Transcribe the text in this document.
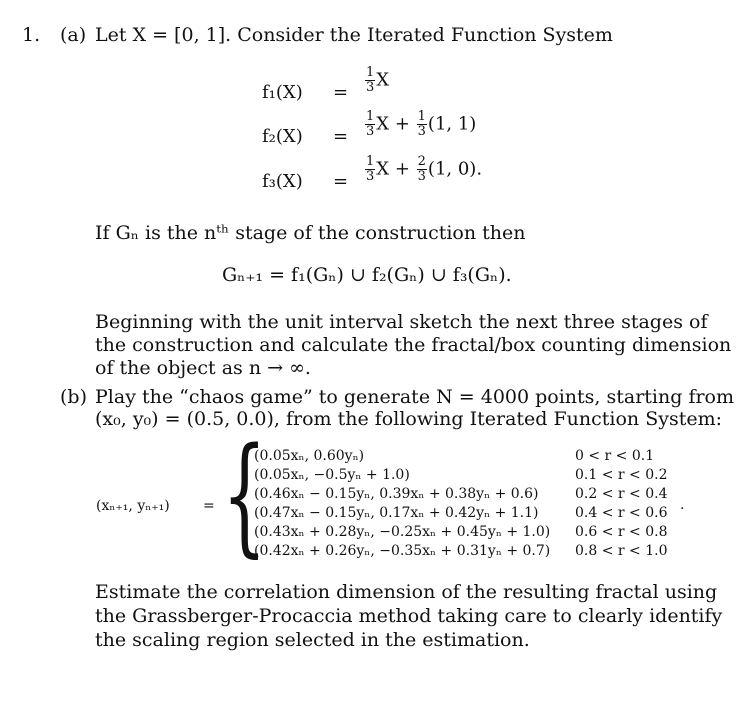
1. (a) Let X = [0, 1]. Consider the Iterated Function System
$f_1(X) = \frac{1}{3}$ X
$f_2(X) = \frac{1}{3}$ $X + \frac{1}{3} (1$, 1)
$f_3(X) = \frac{1}{3}$ $X + \frac{2}{3} (1$, 0).
If Gₙ is the nᵗʰ stage of the construction then
Gₙ₊₁ = f₁(Gₙ) ∪ f₂(Gₙ) ∪ f₃(Gₙ).
Beginning with the unit interval sketch the next three stages of
the construction and calculate the fractal/box counting dimension
of the object as n → ∞.
(b) Play the “chaos game” to generate N = 4000 points, starting from
(x₀, y₀) = (0.5, 0.0), from the following Iterated Function System:
(xₙ₊₁, yₙ₊₁) = {
(0.05xₙ, 0.60yₙ)	0 < r < 0.1
(0.05xₙ, −0.5yₙ + 1.0)	0.1 < r < 0.2
(0.46xₙ − 0.15yₙ, 0.39xₙ + 0.38yₙ + 0.6)	0.2 < r < 0.4
(0.47xₙ − 0.15yₙ, 0.17xₙ + 0.42yₙ + 1.1)	0.4 < r < 0.6
(0.43xₙ + 0.28yₙ, −0.25xₙ + 0.45yₙ + 1.0) 0.6 < r < 0.8
(0.42xₙ + 0.26yₙ, −0.35xₙ + 0.31yₙ + 0.7) 0.8 < r < 1.0
.
Estimate the correlation dimension of the resulting fractal using
the Grassberger-Procaccia method taking care to clearly identify
the scaling region selected in the estimation.
